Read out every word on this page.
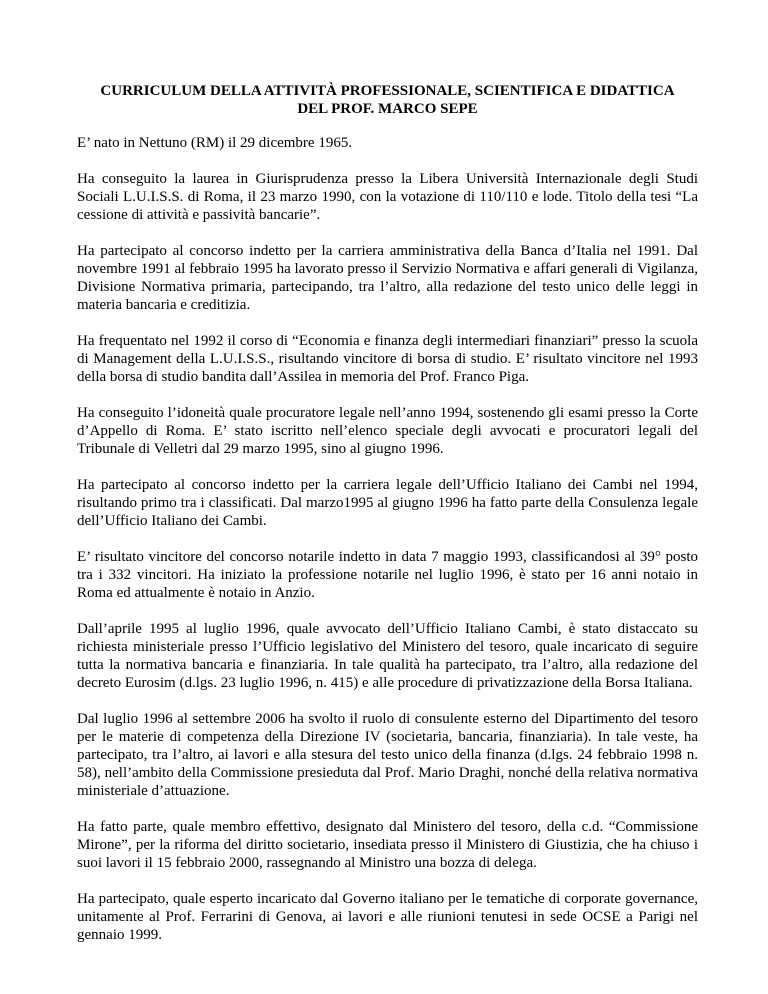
CURRICULUM DELLA ATTIVITÀ PROFESSIONALE, SCIENTIFICA E DIDATTICA
DEL PROF. MARCO SEPE

E’ nato in Nettuno (RM) il 29 dicembre 1965.

Ha conseguito la laurea in Giurisprudenza presso la Libera Università Internazionale degli Studi Sociali L.U.I.S.S. di Roma, il 23 marzo 1990, con la votazione di 110/110 e lode. Titolo della tesi “La cessione di attività e passività bancarie”.

Ha partecipato al concorso indetto per la carriera amministrativa della Banca d’Italia nel 1991. Dal novembre 1991 al febbraio 1995 ha lavorato presso il Servizio Normativa e affari generali di Vigilanza, Divisione Normativa primaria, partecipando, tra l’altro, alla redazione del testo unico delle leggi in materia bancaria e creditizia.

Ha frequentato nel 1992 il corso di “Economia e finanza degli intermediari finanziari” presso la scuola di Management della L.U.I.S.S., risultando vincitore di borsa di studio. E’ risultato vincitore nel 1993 della borsa di studio bandita dall’Assilea in memoria del Prof. Franco Piga.

Ha conseguito l’idoneità quale procuratore legale nell’anno 1994, sostenendo gli esami presso la Corte d’Appello di Roma. E’ stato iscritto nell’elenco speciale degli avvocati e procuratori legali del Tribunale di Velletri dal 29 marzo 1995, sino al giugno 1996.

Ha partecipato al concorso indetto per la carriera legale dell’Ufficio Italiano dei Cambi nel 1994, risultando primo tra i classificati. Dal marzo1995 al giugno 1996 ha fatto parte della Consulenza legale dell’Ufficio Italiano dei Cambi.

E’ risultato vincitore del concorso notarile indetto in data 7 maggio 1993, classificandosi al 39° posto tra i 332 vincitori. Ha iniziato la professione notarile nel luglio 1996, è stato per 16 anni notaio in Roma ed attualmente è notaio in Anzio.

Dall’aprile 1995 al luglio 1996, quale avvocato dell’Ufficio Italiano Cambi, è stato distaccato su richiesta ministeriale presso l’Ufficio legislativo del Ministero del tesoro, quale incaricato di seguire tutta la normativa bancaria e finanziaria. In tale qualità ha partecipato, tra l’altro, alla redazione del decreto Eurosim (d.lgs. 23 luglio 1996, n. 415) e alle procedure di privatizzazione della Borsa Italiana.

Dal luglio 1996 al settembre 2006 ha svolto il ruolo di consulente esterno del Dipartimento del tesoro per le materie di competenza della Direzione IV (societaria, bancaria, finanziaria). In tale veste, ha partecipato, tra l’altro, ai lavori e alla stesura del testo unico della finanza (d.lgs. 24 febbraio 1998 n. 58), nell’ambito della Commissione presieduta dal Prof. Mario Draghi, nonché della relativa normativa ministeriale d’attuazione.

Ha fatto parte, quale membro effettivo, designato dal Ministero del tesoro, della c.d. “Commissione Mirone”, per la riforma del diritto societario, insediata presso il Ministero di Giustizia, che ha chiuso i suoi lavori il 15 febbraio 2000, rassegnando al Ministro una bozza di delega.

Ha partecipato, quale esperto incaricato dal Governo italiano per le tematiche di corporate governance, unitamente al Prof. Ferrarini di Genova, ai lavori e alle riunioni tenutesi in sede OCSE a Parigi nel gennaio 1999.
